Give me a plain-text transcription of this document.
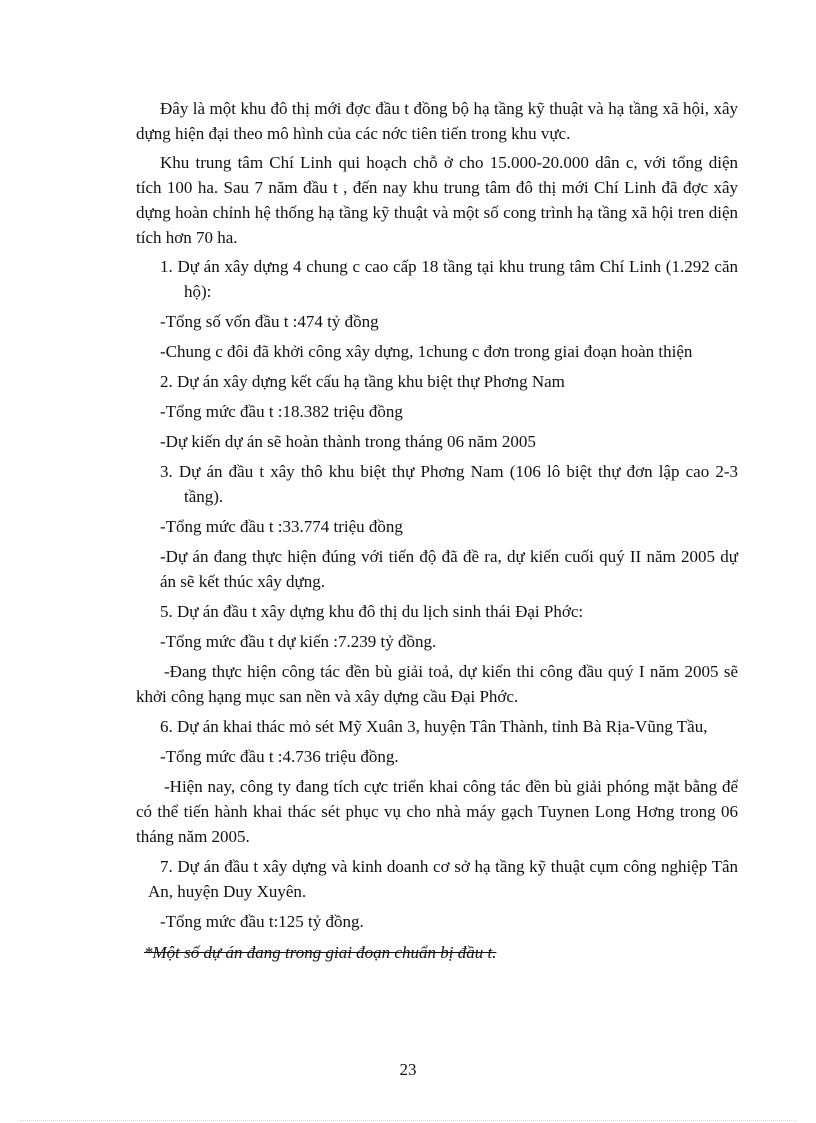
Đây là một khu đô thị mới đợc đầu t đồng bộ hạ tầng kỹ thuật và hạ tầng xã hội, xây dựng hiện đại theo mô hình của các nớc tiên tiến trong khu vực.

Khu trung tâm Chí Linh qui hoạch chỗ ở cho 15.000-20.000 dân c, với tổng diện tích 100 ha. Sau 7 năm đầu t , đến nay khu trung tâm đô thị mới Chí Linh đã đợc xây dựng hoàn chỉnh hệ thống hạ tầng kỹ thuật và một số cong trình hạ tầng xã hội tren diện tích hơn 70 ha.

1. Dự án xây dựng 4 chung c cao cấp 18 tầng tại khu trung tâm Chí Linh (1.292 căn hộ):

-Tổng số vốn đầu t :474 tỷ đồng

-Chung c đôi đã khởi công xây dựng, 1chung c đơn trong giai đoạn hoàn thiện

2. Dự án xây dựng kết cấu hạ tầng khu biệt thự Phơng Nam

-Tổng mức đầu t :18.382 triệu đồng

-Dự kiến dự án sẽ hoàn thành trong tháng 06 năm 2005

3. Dự án đầu t xây thô khu biệt thự Phơng Nam (106 lô biệt thự đơn lập cao 2-3 tầng).

-Tổng mức đầu t :33.774 triệu đồng

-Dự án đang thực hiện đúng với tiến độ đã đề ra, dự kiến cuối quý II năm 2005 dự án sẽ kết thúc xây dựng.

5. Dự án đầu t xây dựng khu đô thị du lịch sinh thái Đại Phớc:

-Tổng mức đầu t dự kiến :7.239 tỷ đồng.

-Đang thực hiện công tác đền bù giải toả, dự kiến thi công đầu quý I năm 2005 sẽ khởi công hạng mục san nền và xây dựng cầu Đại Phớc.

6. Dự án khai thác mỏ sét Mỹ Xuân 3, huyện Tân Thành, tỉnh Bà Rịa-Vũng Tầu,

-Tổng mức đầu t :4.736 triệu đồng.

-Hiện nay, công ty đang tích cực triển khai công tác đền bù giải phóng mặt bằng để có thể tiến hành khai thác sét phục vụ cho nhà máy gạch Tuynen Long Hơng trong 06 tháng năm 2005.

7. Dự án đầu t xây dựng và kinh doanh cơ sở hạ tầng kỹ thuật cụm công nghiệp Tân An, huyện Duy Xuyên.

-Tổng mức đầu t:125 tỷ đồng.

*Một số dự án đang trong giai đoạn chuẩn bị đầu t.

23
